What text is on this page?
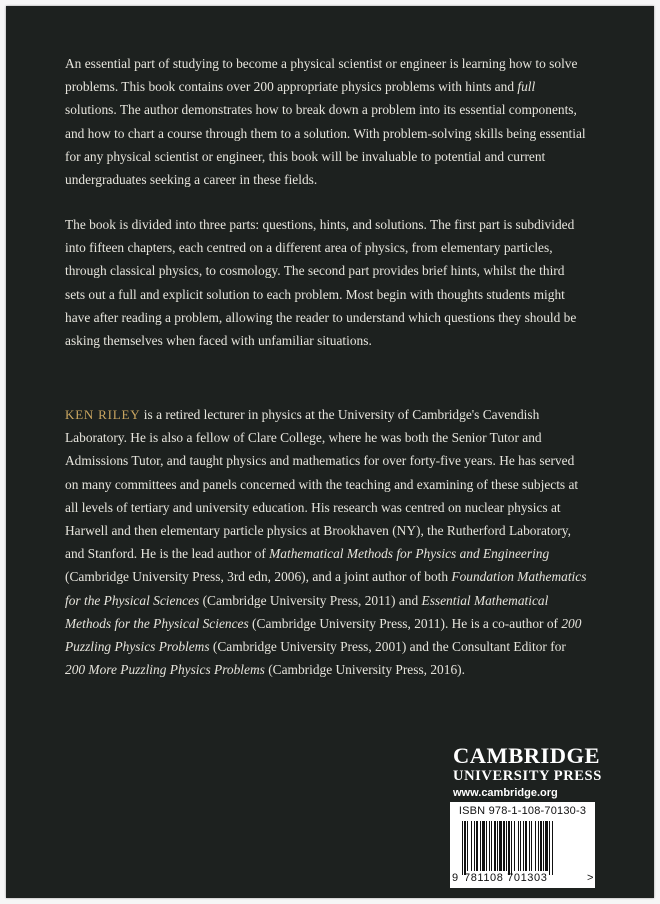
An essential part of studying to become a physical scientist or engineer is learning how to solve problems. This book contains over 200 appropriate physics problems with hints and full solutions. The author demonstrates how to break down a problem into its essential components, and how to chart a course through them to a solution. With problem-solving skills being essential for any physical scientist or engineer, this book will be invaluable to potential and current undergraduates seeking a career in these fields.

The book is divided into three parts: questions, hints, and solutions. The first part is subdivided into fifteen chapters, each centred on a different area of physics, from elementary particles, through classical physics, to cosmology. The second part provides brief hints, whilst the third sets out a full and explicit solution to each problem. Most begin with thoughts students might have after reading a problem, allowing the reader to understand which questions they should be asking themselves when faced with unfamiliar situations.

KEN RILEY is a retired lecturer in physics at the University of Cambridge's Cavendish Laboratory. He is also a fellow of Clare College, where he was both the Senior Tutor and Admissions Tutor, and taught physics and mathematics for over forty-five years. He has served on many committees and panels concerned with the teaching and examining of these subjects at all levels of tertiary and university education. His research was centred on nuclear physics at Harwell and then elementary particle physics at Brookhaven (NY), the Rutherford Laboratory, and Stanford. He is the lead author of Mathematical Methods for Physics and Engineering (Cambridge University Press, 3rd edn, 2006), and a joint author of both Foundation Mathematics for the Physical Sciences (Cambridge University Press, 2011) and Essential Mathematical Methods for the Physical Sciences (Cambridge University Press, 2011). He is a co-author of 200 Puzzling Physics Problems (Cambridge University Press, 2001) and the Consultant Editor for 200 More Puzzling Physics Problems (Cambridge University Press, 2016).

CAMBRIDGE
UNIVERSITY PRESS
www.cambridge.org
ISBN 978-1-108-70130-3
9 781108 701303	>
